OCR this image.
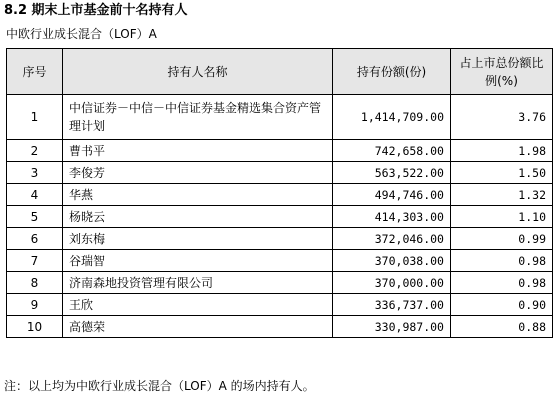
8.2 期末上市基金前十名持有人
中欧行业成长混合（LOF）A
序号	持有人名称	持有份额(份)	占上市总份额比例(%)
1	中信证券－中信－中信证券基金精选集合资产管理计划	1,414,709.00	3.76
2	曹书平	742,658.00	1.98
3	李俊芳	563,522.00	1.50
4	华燕	494,746.00	1.32
5	杨晓云	414,303.00	1.10
6	刘东梅	372,046.00	0.99
7	谷瑞智	370,038.00	0.98
8	济南森地投资管理有限公司	370,000.00	0.98
9	王欣	336,737.00	0.90
10	高德荣	330,987.00	0.88
注：以上均为中欧行业成长混合（LOF）A 的场内持有人。
